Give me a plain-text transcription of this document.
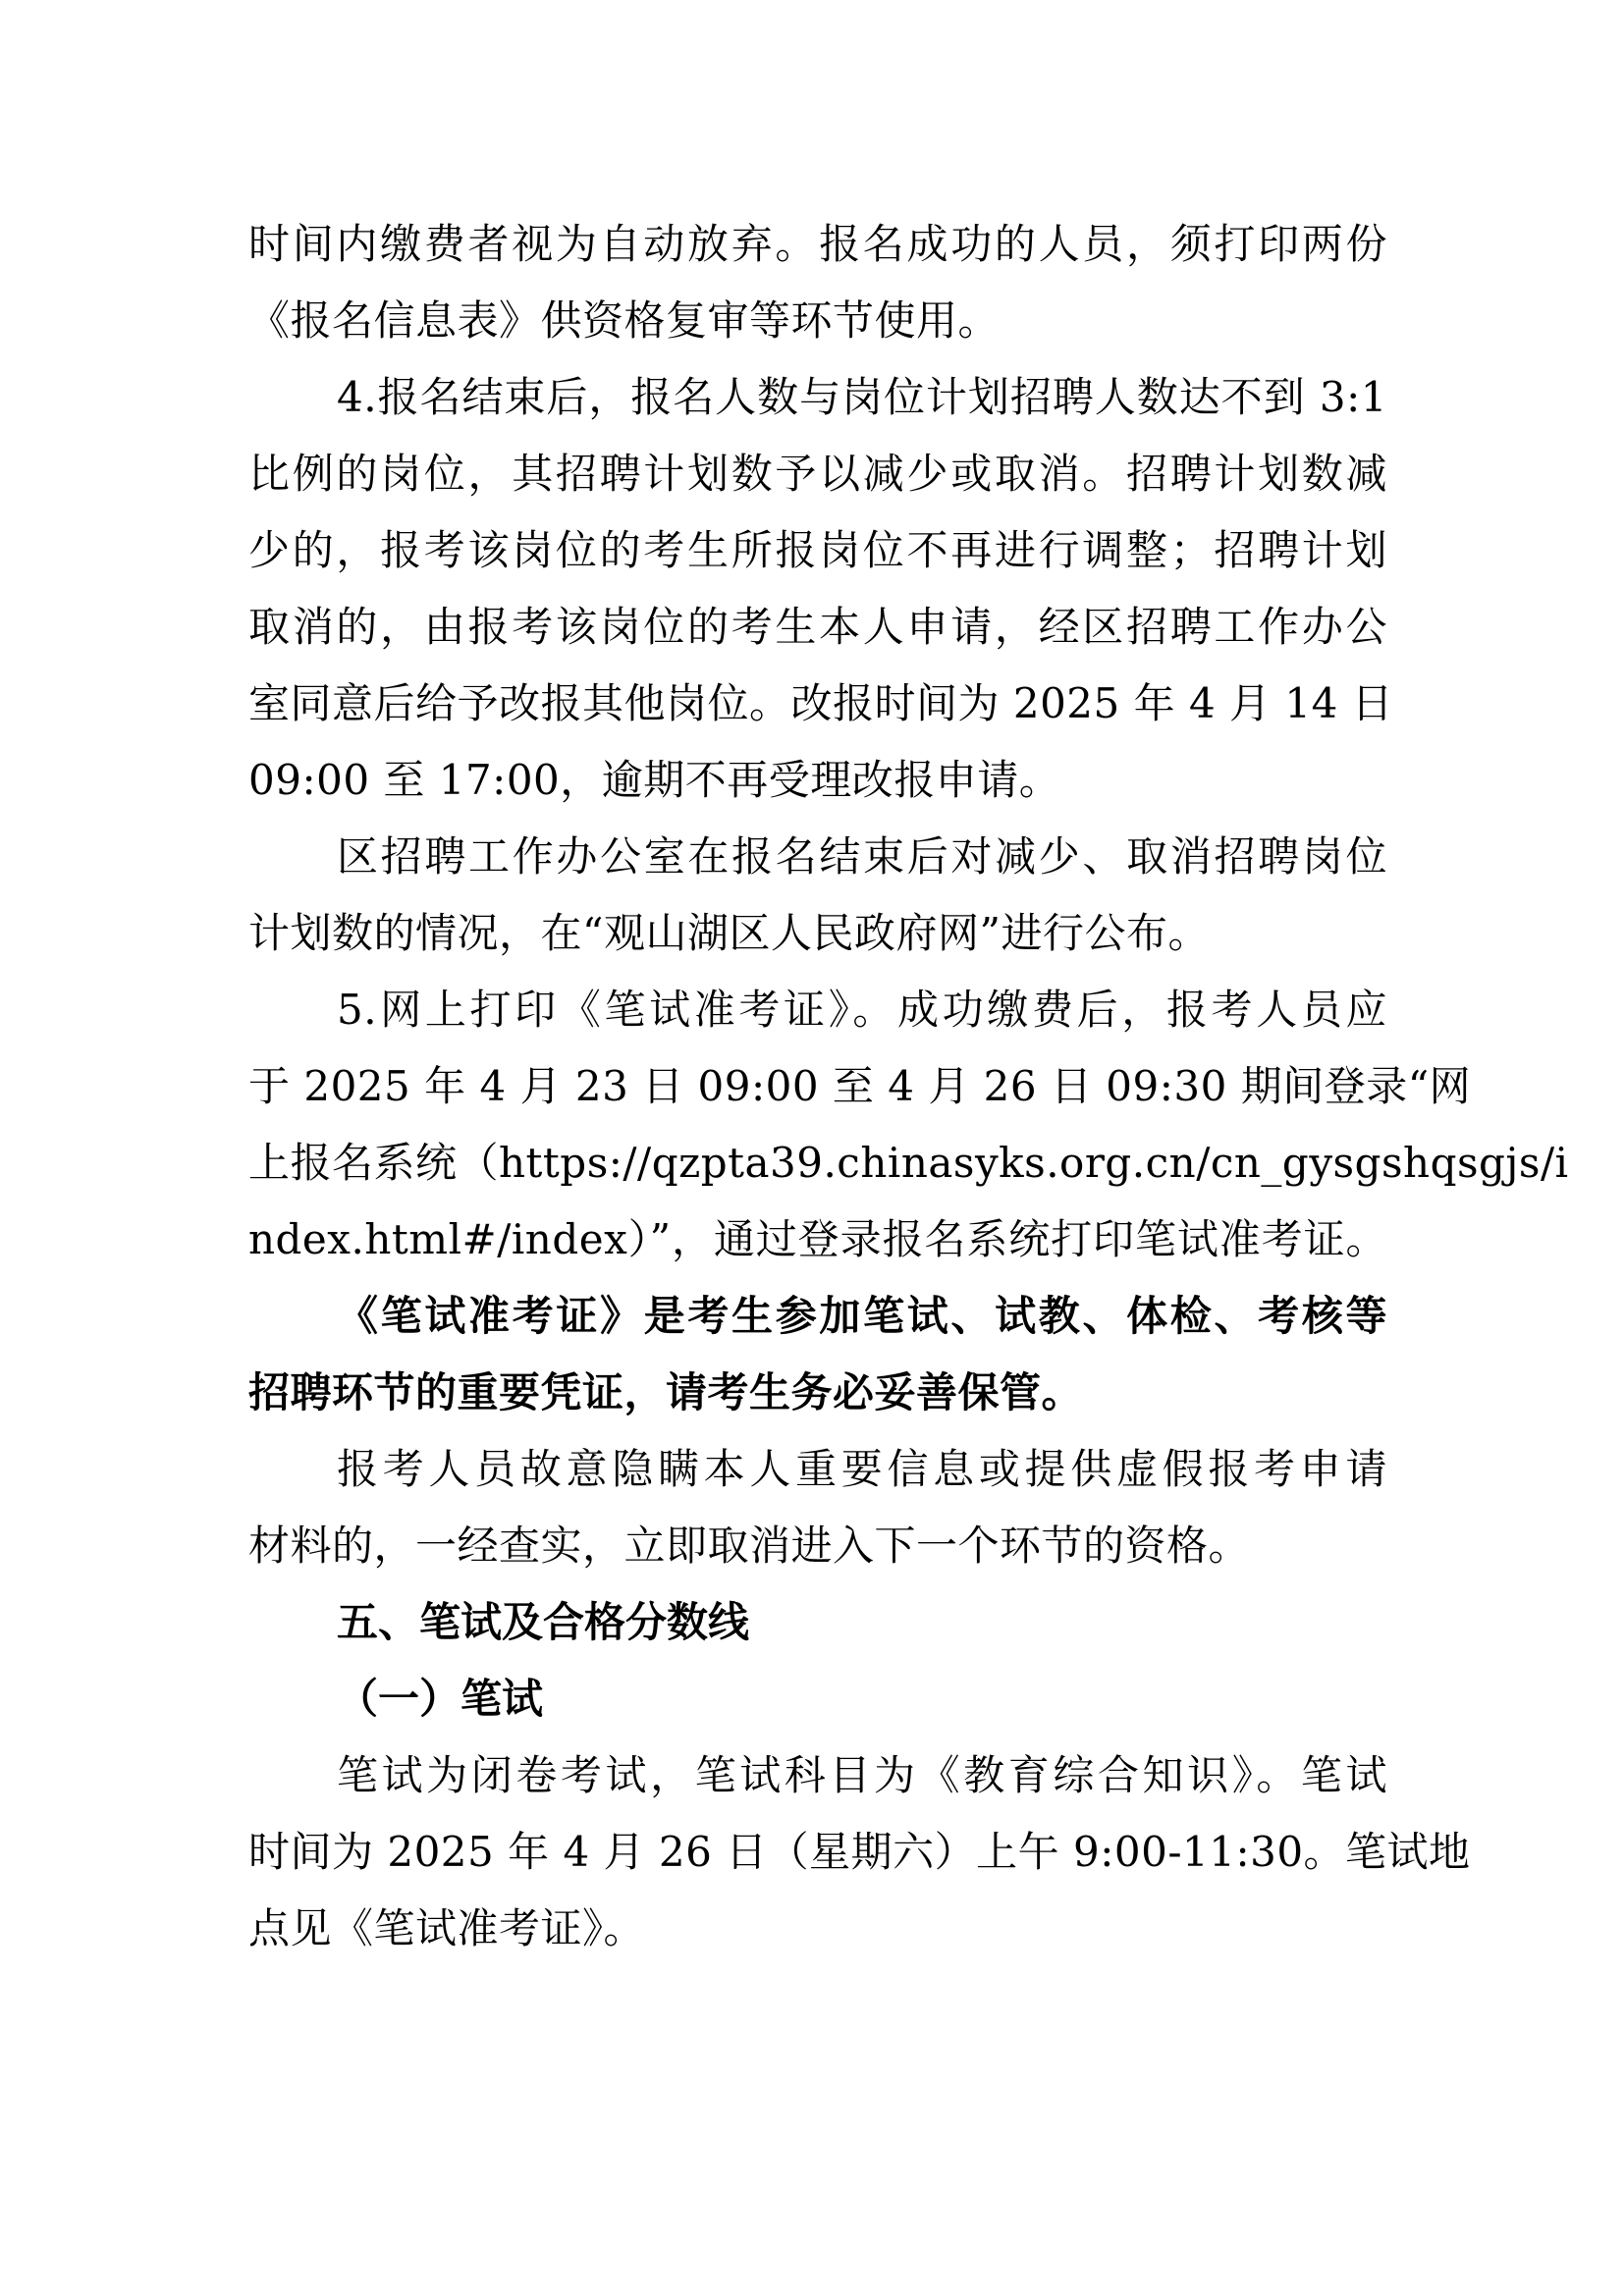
时间内缴费者视为自动放弃。报名成功的人员，须打印两份
《报名信息表》供资格复审等环节使用。
4.报名结束后，报名人数与岗位计划招聘人数达不到 3:1
比例的岗位，其招聘计划数予以减少或取消。招聘计划数减
少的，报考该岗位的考生所报岗位不再进行调整；招聘计划
取消的，由报考该岗位的考生本人申请，经区招聘工作办公
室同意后给予改报其他岗位。改报时间为 2025 年 4 月 14 日
09:00 至 17:00，逾期不再受理改报申请。
区招聘工作办公室在报名结束后对减少、取消招聘岗位
计划数的情况，在“观山湖区人民政府网”进行公布。
5.网上打印《笔试准考证》。成功缴费后，报考人员应
于 2025 年 4 月 23 日 09:00 至 4 月 26 日 09:30 期间登录“网
上报名系统（https://qzpta39.chinasyks.org.cn/cn_gysgshqsgjs/i
ndex.html#/index）”，通过登录报名系统打印笔试准考证。
《笔试准考证》是考生参加笔试、试教、体检、考核等
招聘环节的重要凭证，请考生务必妥善保管。
报考人员故意隐瞒本人重要信息或提供虚假报考申请
材料的，一经查实，立即取消进入下一个环节的资格。
五、笔试及合格分数线
（一）笔试
笔试为闭卷考试，笔试科目为《教育综合知识》。笔试
时间为 2025 年 4 月 26 日（星期六）上午 9:00-11:30。笔试地
点见《笔试准考证》。
